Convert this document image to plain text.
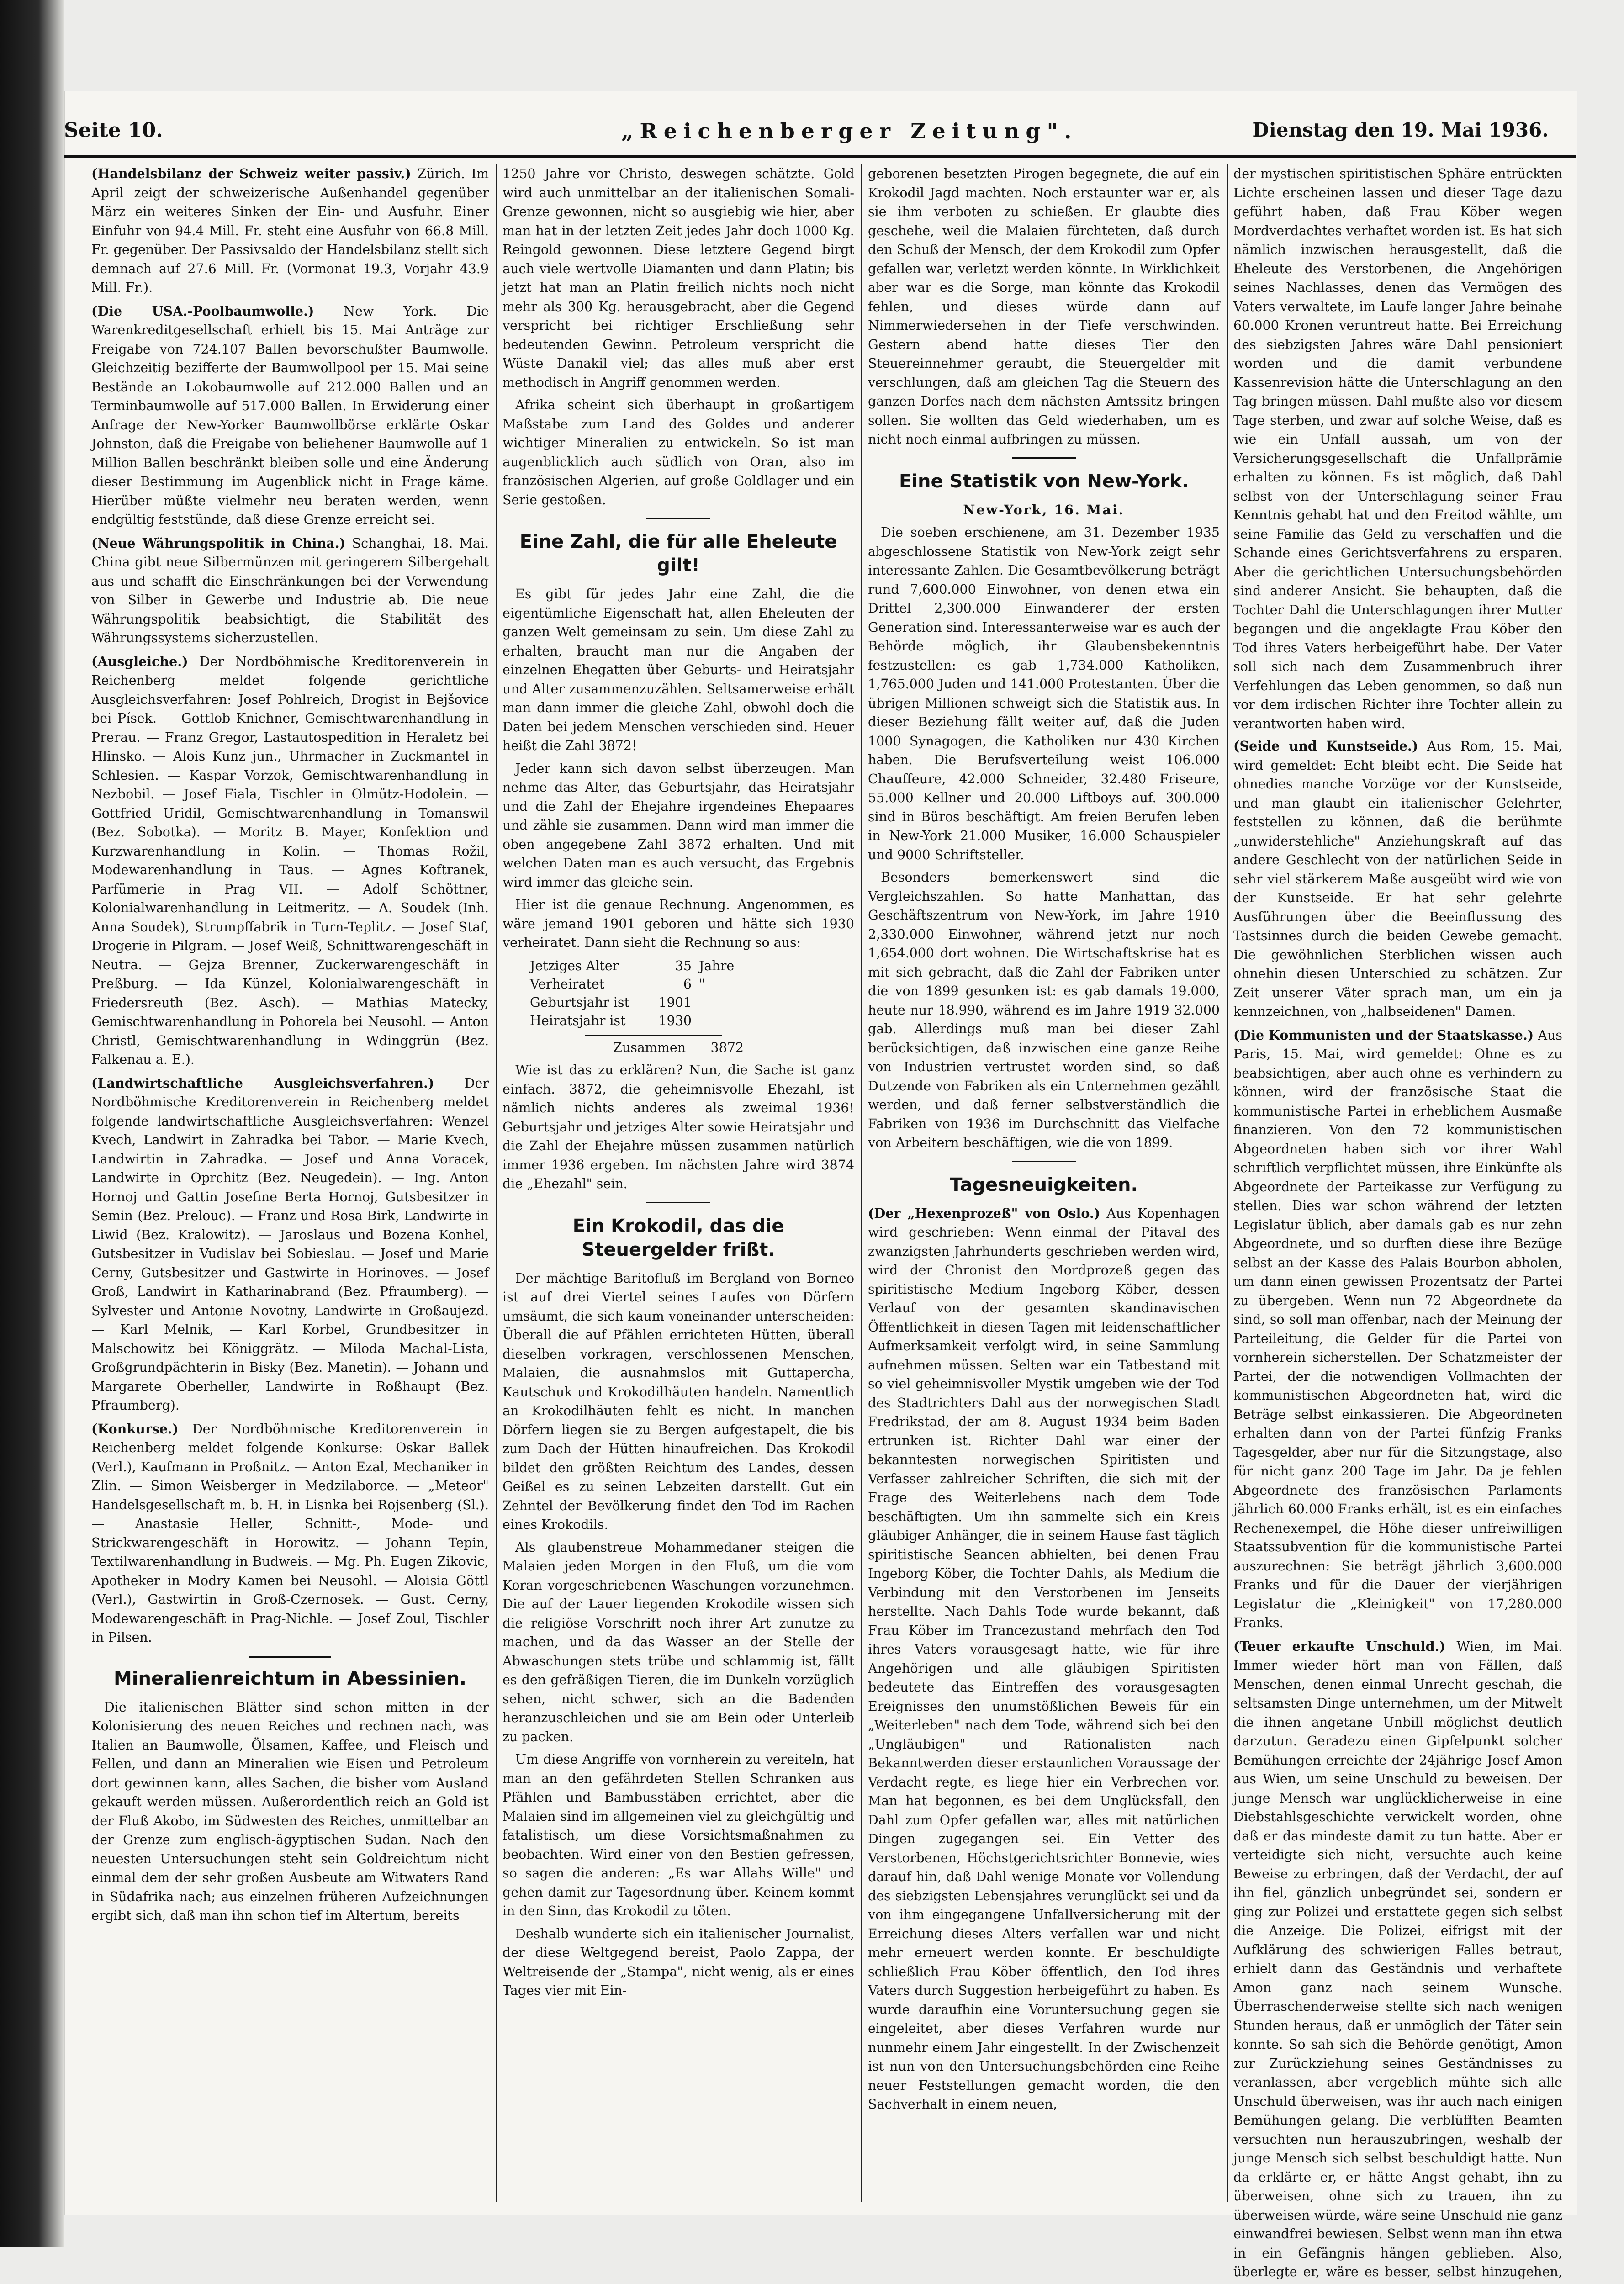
Seite 10.	„Reichenberger Zeitung".	Dienstag den 19. Mai 1936.

(Handelsbilanz der Schweiz weiter passiv.) Zürich. Im April zeigt der schweizerische Außenhandel gegenüber März ein weiteres Sinken der Ein- und Ausfuhr. Einer Einfuhr von 94.4 Mill. Fr. steht eine Ausfuhr von 66.8 Mill. Fr. gegenüber. Der Passivsaldo der Handelsbilanz stellt sich demnach auf 27.6 Mill. Fr. (Vormonat 19.3, Vorjahr 43.9 Mill. Fr.).

(Die USA.-Poolbaumwolle.) New York. Die Warenkreditgesellschaft erhielt bis 15. Mai Anträge zur Freigabe von 724.107 Ballen bevorschußter Baumwolle. Gleichzeitig bezifferte der Baumwollpool per 15. Mai seine Bestände an Lokobaumwolle auf 212.000 Ballen und an Terminbaumwolle auf 517.000 Ballen. In Erwiderung einer Anfrage der New-Yorker Baumwollbörse erklärte Oskar Johnston, daß die Freigabe von beliehener Baumwolle auf 1 Million Ballen beschränkt bleiben solle und eine Änderung dieser Bestimmung im Augenblick nicht in Frage käme. Hierüber müßte vielmehr neu beraten werden, wenn endgültig feststünde, daß diese Grenze erreicht sei.

(Neue Währungspolitik in China.) Schanghai, 18. Mai. China gibt neue Silbermünzen mit geringerem Silbergehalt aus und schafft die Einschränkungen bei der Verwendung von Silber in Gewerbe und Industrie ab. Die neue Währungspolitik beabsichtigt, die Stabilität des Währungssystems sicherzustellen.

(Ausgleiche.) Der Nordböhmische Kreditorenverein in Reichenberg meldet folgende gerichtliche Ausgleichsverfahren: Josef Pohlreich, Drogist in Bejšovice bei Písek. — Gottlob Knichner, Gemischtwarenhandlung in Prerau. — Franz Gregor, Lastautospedition in Heraletz bei Hlinsko. — Alois Kunz jun., Uhrmacher in Zuckmantel in Schlesien. — Kaspar Vorzok, Gemischtwarenhandlung in Nezbobil. — Josef Fiala, Tischler in Olmütz-Hodolein. — Gottfried Uridil, Gemischtwarenhandlung in Tomanswil (Bez. Sobotka). — Moritz B. Mayer, Konfektion und Kurzwarenhandlung in Kolin. — Thomas Rožil, Modewarenhandlung in Taus. — Agnes Koftranek, Parfümerie in Prag VII. — Adolf Schöttner, Kolonialwarenhandlung in Leitmeritz. — A. Soudek (Inh. Anna Soudek), Strumpffabrik in Turn-Teplitz. — Josef Staf, Drogerie in Pilgram. — Josef Weiß, Schnittwarengeschäft in Neutra. — Gejza Brenner, Zuckerwarengeschäft in Preßburg. — Ida Künzel, Kolonialwarengeschäft in Friedersreuth (Bez. Asch). — Mathias Matecky, Gemischtwarenhandlung in Pohorela bei Neusohl. — Anton Christl, Gemischtwarenhandlung in Wdinggrün (Bez. Falkenau a. E.).

(Landwirtschaftliche Ausgleichsverfahren.) Der Nordböhmische Kreditorenverein in Reichenberg meldet folgende landwirtschaftliche Ausgleichsverfahren: Wenzel Kvech, Landwirt in Zahradka bei Tabor. — Marie Kvech, Landwirtin in Zahradka. — Josef und Anna Voracek, Landwirte in Oprchitz (Bez. Neugedein). — Ing. Anton Hornoj und Gattin Josefine Berta Hornoj, Gutsbesitzer in Semin (Bez. Prelouc). — Franz und Rosa Birk, Landwirte in Liwid (Bez. Kralowitz). — Jaroslaus und Bozena Konhel, Gutsbesitzer in Vudislav bei Sobieslau. — Josef und Marie Cerny, Gutsbesitzer und Gastwirte in Horinoves. — Josef Groß, Landwirt in Katharinabrand (Bez. Pfraumberg). — Sylvester und Antonie Novotny, Landwirte in Großaujezd. — Karl Melnik, — Karl Korbel, Grundbesitzer in Malschowitz bei Königgrätz. — Miloda Machal-Lista, Großgrundpächterin in Bisky (Bez. Manetin). — Johann und Margarete Oberheller, Landwirte in Roßhaupt (Bez. Pfraumberg).

(Konkurse.) Der Nordböhmische Kreditorenverein in Reichenberg meldet folgende Konkurse: Oskar Ballek (Verl.), Kaufmann in Proßnitz. — Anton Ezal, Mechaniker in Zlin. — Simon Weisberger in Medzilaborce. — „Meteor" Handelsgesellschaft m. b. H. in Lisnka bei Rojsenberg (Sl.). — Anastasie Heller, Schnitt-, Mode- und Strickwarengeschäft in Horowitz. — Johann Tepin, Textilwarenhandlung in Budweis. — Mg. Ph. Eugen Zikovic, Apotheker in Modry Kamen bei Neusohl. — Aloisia Göttl (Verl.), Gastwirtin in Groß-Czernosek. — Gust. Cerny, Modewarengeschäft in Prag-Nichle. — Josef Zoul, Tischler in Pilsen.

Mineralienreichtum in Abessinien.

Die italienischen Blätter sind schon mitten in der Kolonisierung des neuen Reiches und rechnen nach, was Italien an Baumwolle, Ölsamen, Kaffee, und Fleisch und Fellen, und dann an Mineralien wie Eisen und Petroleum dort gewinnen kann, alles Sachen, die bisher vom Ausland gekauft werden müssen. Außerordentlich reich an Gold ist der Fluß Akobo, im Südwesten des Reiches, unmittelbar an der Grenze zum englisch-ägyptischen Sudan. Nach den neuesten Untersuchungen steht sein Goldreichtum nicht einmal dem der sehr großen Ausbeute am Witwaters Rand in Südafrika nach; aus einzelnen früheren Aufzeichnungen ergibt sich, daß man ihn schon tief im Altertum, bereits

1250 Jahre vor Christo, deswegen schätzte. Gold wird auch unmittelbar an der italienischen Somali-Grenze gewonnen, nicht so ausgiebig wie hier, aber man hat in der letzten Zeit jedes Jahr doch 1000 Kg. Reingold gewonnen. Diese letztere Gegend birgt auch viele wertvolle Diamanten und dann Platin; bis jetzt hat man an Platin freilich nichts noch nicht mehr als 300 Kg. herausgebracht, aber die Gegend verspricht bei richtiger Erschließung sehr bedeutenden Gewinn. Petroleum verspricht die Wüste Danakil viel; das alles muß aber erst methodisch in Angriff genommen werden.

Afrika scheint sich überhaupt in großartigem Maßstabe zum Land des Goldes und anderer wichtiger Mineralien zu entwickeln. So ist man augenblicklich auch südlich von Oran, also im französischen Algerien, auf große Goldlager und ein Serie gestoßen.

Eine Zahl, die für alle Eheleute gilt!

Es gibt für jedes Jahr eine Zahl, die die eigentümliche Eigenschaft hat, allen Eheleuten der ganzen Welt gemeinsam zu sein. Um diese Zahl zu erhalten, braucht man nur die Angaben der einzelnen Ehegatten über Geburts- und Heiratsjahr und Alter zusammenzuzählen. Seltsamerweise erhält man dann immer die gleiche Zahl, obwohl doch die Daten bei jedem Menschen verschieden sind. Heuer heißt die Zahl 3872!

Jeder kann sich davon selbst überzeugen. Man nehme das Alter, das Geburtsjahr, das Heiratsjahr und die Zahl der Ehejahre irgendeines Ehepaares und zähle sie zusammen. Dann wird man immer die oben angegebene Zahl 3872 erhalten. Und mit welchen Daten man es auch versucht, das Ergebnis wird immer das gleiche sein.

Hier ist die genaue Rechnung. Angenommen, es wäre jemand 1901 geboren und hätte sich 1930 verheiratet. Dann sieht die Rechnung so aus:

Jetziges Alter	35	Jahre
Verheiratet	6	"
Geburtsjahr ist	1901	
Heiratsjahr ist	1930	

Zusammen 3872

Wie ist das zu erklären? Nun, die Sache ist ganz einfach. 3872, die geheimnisvolle Ehezahl, ist nämlich nichts anderes als zweimal 1936! Geburtsjahr und jetziges Alter sowie Heiratsjahr und die Zahl der Ehejahre müssen zusammen natürlich immer 1936 ergeben. Im nächsten Jahre wird 3874 die „Ehezahl" sein.

Ein Krokodil, das die Steuergelder frißt.

Der mächtige Baritofluß im Bergland von Borneo ist auf drei Viertel seines Laufes von Dörfern umsäumt, die sich kaum voneinander unterscheiden: Überall die auf Pfählen errichteten Hütten, überall dieselben vorkragen, verschlossenen Menschen, Malaien, die ausnahmslos mit Guttapercha, Kautschuk und Krokodilhäuten handeln. Namentlich an Krokodilhäuten fehlt es nicht. In manchen Dörfern liegen sie zu Bergen aufgestapelt, die bis zum Dach der Hütten hinaufreichen. Das Krokodil bildet den größten Reichtum des Landes, dessen Geißel es zu seinen Lebzeiten darstellt. Gut ein Zehntel der Bevölkerung findet den Tod im Rachen eines Krokodils.

Als glaubenstreue Mohammedaner steigen die Malaien jeden Morgen in den Fluß, um die vom Koran vorgeschriebenen Waschungen vorzunehmen. Die auf der Lauer liegenden Krokodile wissen sich die religiöse Vorschrift noch ihrer Art zunutze zu machen, und da das Wasser an der Stelle der Abwaschungen stets trübe und schlammig ist, fällt es den gefräßigen Tieren, die im Dunkeln vorzüglich sehen, nicht schwer, sich an die Badenden heranzuschleichen und sie am Bein oder Unterleib zu packen.

Um diese Angriffe von vornherein zu vereiteln, hat man an den gefährdeten Stellen Schranken aus Pfählen und Bambusstäben errichtet, aber die Malaien sind im allgemeinen viel zu gleichgültig und fatalistisch, um diese Vorsichtsmaßnahmen zu beobachten. Wird einer von den Bestien gefressen, so sagen die anderen: „Es war Allahs Wille" und gehen damit zur Tagesordnung über. Keinem kommt in den Sinn, das Krokodil zu töten.

Deshalb wunderte sich ein italienischer Journalist, der diese Weltgegend bereist, Paolo Zappa, der Weltreisende der „Stampa", nicht wenig, als er eines Tages vier mit Ein-

geborenen besetzten Pirogen begegnete, die auf ein Krokodil Jagd machten. Noch erstaunter war er, als sie ihm verboten zu schießen. Er glaubte dies geschehe, weil die Malaien fürchteten, daß durch den Schuß der Mensch, der dem Krokodil zum Opfer gefallen war, verletzt werden könnte. In Wirklichkeit aber war es die Sorge, man könnte das Krokodil fehlen, und dieses würde dann auf Nimmerwiedersehen in der Tiefe verschwinden. Gestern abend hatte dieses Tier den Steuereinnehmer geraubt, die Steuergelder mit verschlungen, daß am gleichen Tag die Steuern des ganzen Dorfes nach dem nächsten Amtssitz bringen sollen. Sie wollten das Geld wiederhaben, um es nicht noch einmal aufbringen zu müssen.

Eine Statistik von New-York.

New-York, 16. Mai.

Die soeben erschienene, am 31. Dezember 1935 abgeschlossene Statistik von New-York zeigt sehr interessante Zahlen. Die Gesamtbevölkerung beträgt rund 7,600.000 Einwohner, von denen etwa ein Drittel 2,300.000 Einwanderer der ersten Generation sind. Interessanterweise war es auch der Behörde möglich, ihr Glaubensbekenntnis festzustellen: es gab 1,734.000 Katholiken, 1,765.000 Juden und 141.000 Protestanten. Über die übrigen Millionen schweigt sich die Statistik aus. In dieser Beziehung fällt weiter auf, daß die Juden 1000 Synagogen, die Katholiken nur 430 Kirchen haben. Die Berufsverteilung weist 106.000 Chauffeure, 42.000 Schneider, 32.480 Friseure, 55.000 Kellner und 20.000 Liftboys auf. 300.000 sind in Büros beschäftigt. Am freien Berufen leben in New-York 21.000 Musiker, 16.000 Schauspieler und 9000 Schriftsteller.

Besonders bemerkenswert sind die Vergleichszahlen. So hatte Manhattan, das Geschäftszentrum von New-York, im Jahre 1910 2,330.000 Einwohner, während jetzt nur noch 1,654.000 dort wohnen. Die Wirtschaftskrise hat es mit sich gebracht, daß die Zahl der Fabriken unter die von 1899 gesunken ist: es gab damals 19.000, heute nur 18.990, während es im Jahre 1919 32.000 gab. Allerdings muß man bei dieser Zahl berücksichtigen, daß inzwischen eine ganze Reihe von Industrien vertrustet worden sind, so daß Dutzende von Fabriken als ein Unternehmen gezählt werden, und daß ferner selbstverständlich die Fabriken von 1936 im Durchschnitt das Vielfache von Arbeitern beschäftigen, wie die von 1899.

Tagesneuigkeiten.

(Der „Hexenprozeß" von Oslo.) Aus Kopenhagen wird geschrieben: Wenn einmal der Pitaval des zwanzigsten Jahrhunderts geschrieben werden wird, wird der Chronist den Mordprozeß gegen das spiritistische Medium Ingeborg Köber, dessen Verlauf von der gesamten skandinavischen Öffentlichkeit in diesen Tagen mit leidenschaftlicher Aufmerksamkeit verfolgt wird, in seine Sammlung aufnehmen müssen. Selten war ein Tatbestand mit so viel geheimnisvoller Mystik umgeben wie der Tod des Stadtrichters Dahl aus der norwegischen Stadt Fredrikstad, der am 8. August 1934 beim Baden ertrunken ist. Richter Dahl war einer der bekanntesten norwegischen Spiritisten und Verfasser zahlreicher Schriften, die sich mit der Frage des Weiterlebens nach dem Tode beschäftigten. Um ihn sammelte sich ein Kreis gläubiger Anhänger, die in seinem Hause fast täglich spiritistische Seancen abhielten, bei denen Frau Ingeborg Köber, die Tochter Dahls, als Medium die Verbindung mit den Verstorbenen im Jenseits herstellte. Nach Dahls Tode wurde bekannt, daß Frau Köber im Trancezustand mehrfach den Tod ihres Vaters vorausgesagt hatte, wie für ihre Angehörigen und alle gläubigen Spiritisten bedeutete das Eintreffen des vorausgesagten Ereignisses den unumstößlichen Beweis für ein „Weiterleben" nach dem Tode, während sich bei den „Ungläubigen" und Rationalisten nach Bekanntwerden dieser erstaunlichen Voraussage der Verdacht regte, es liege hier ein Verbrechen vor. Man hat begonnen, es bei dem Unglücksfall, den Dahl zum Opfer gefallen war, alles mit natürlichen Dingen zugegangen sei. Ein Vetter des Verstorbenen, Höchstgerichtsrichter Bonnevie, wies darauf hin, daß Dahl wenige Monate vor Vollendung des siebzigsten Lebensjahres verunglückt sei und da von ihm eingegangene Unfallversicherung mit der Erreichung dieses Alters verfallen war und nicht mehr erneuert werden konnte. Er beschuldigte schließlich Frau Köber öffentlich, den Tod ihres Vaters durch Suggestion herbeigeführt zu haben. Es wurde daraufhin eine Voruntersuchung gegen sie eingeleitet, aber dieses Verfahren wurde nur nunmehr einem Jahr eingestellt. In der Zwischenzeit ist nun von den Untersuchungsbehörden eine Reihe neuer Feststellungen gemacht worden, die den Sachverhalt in einem neuen,

der mystischen spiritistischen Sphäre entrückten Lichte erscheinen lassen und dieser Tage dazu geführt haben, daß Frau Köber wegen Mordverdachtes verhaftet worden ist. Es hat sich nämlich inzwischen herausgestellt, daß die Eheleute des Verstorbenen, die Angehörigen seines Nachlasses, denen das Vermögen des Vaters verwaltete, im Laufe langer Jahre beinahe 60.000 Kronen veruntreut hatte. Bei Erreichung des siebzigsten Jahres wäre Dahl pensioniert worden und die damit verbundene Kassenrevision hätte die Unterschlagung an den Tag bringen müssen. Dahl mußte also vor diesem Tage sterben, und zwar auf solche Weise, daß es wie ein Unfall aussah, um von der Versicherungsgesellschaft die Unfallprämie erhalten zu können. Es ist möglich, daß Dahl selbst von der Unterschlagung seiner Frau Kenntnis gehabt hat und den Freitod wählte, um seine Familie das Geld zu verschaffen und die Schande eines Gerichtsverfahrens zu ersparen. Aber die gerichtlichen Untersuchungsbehörden sind anderer Ansicht. Sie behaupten, daß die Tochter Dahl die Unterschlagungen ihrer Mutter begangen und die angeklagte Frau Köber den Tod ihres Vaters herbeigeführt habe. Der Vater soll sich nach dem Zusammenbruch ihrer Verfehlungen das Leben genommen, so daß nun vor dem irdischen Richter ihre Tochter allein zu verantworten haben wird.

(Seide und Kunstseide.) Aus Rom, 15. Mai, wird gemeldet: Echt bleibt echt. Die Seide hat ohnedies manche Vorzüge vor der Kunstseide, und man glaubt ein italienischer Gelehrter, feststellen zu können, daß die berühmte „unwiderstehliche" Anziehungskraft auf das andere Geschlecht von der natürlichen Seide in sehr viel stärkerem Maße ausgeübt wird wie von der Kunstseide. Er hat sehr gelehrte Ausführungen über die Beeinflussung des Tastsinnes durch die beiden Gewebe gemacht. Die gewöhnlichen Sterblichen wissen auch ohnehin diesen Unterschied zu schätzen. Zur Zeit unserer Väter sprach man, um ein ja kennzeichnen, von „halbseidenen" Damen.

(Die Kommunisten und der Staatskasse.) Aus Paris, 15. Mai, wird gemeldet: Ohne es zu beabsichtigen, aber auch ohne es verhindern zu können, wird der französische Staat die kommunistische Partei in erheblichem Ausmaße finanzieren. Von den 72 kommunistischen Abgeordneten haben sich vor ihrer Wahl schriftlich verpflichtet müssen, ihre Einkünfte als Abgeordnete der Parteikasse zur Verfügung zu stellen. Dies war schon während der letzten Legislatur üblich, aber damals gab es nur zehn Abgeordnete, und so durften diese ihre Bezüge selbst an der Kasse des Palais Bourbon abholen, um dann einen gewissen Prozentsatz der Partei zu übergeben. Wenn nun 72 Abgeordnete da sind, so soll man offenbar, nach der Meinung der Parteileitung, die Gelder für die Partei von vornherein sicherstellen. Der Schatzmeister der Partei, der die notwendigen Vollmachten der kommunistischen Abgeordneten hat, wird die Beträge selbst einkassieren. Die Abgeordneten erhalten dann von der Partei fünfzig Franks Tagesgelder, aber nur für die Sitzungstage, also für nicht ganz 200 Tage im Jahr. Da je fehlen Abgeordnete des französischen Parlaments jährlich 60.000 Franks erhält, ist es ein einfaches Rechenexempel, die Höhe dieser unfreiwilligen Staatssubvention für die kommunistische Partei auszurechnen: Sie beträgt jährlich 3,600.000 Franks und für die Dauer der vierjährigen Legislatur die „Kleinigkeit" von 17,280.000 Franks.

(Teuer erkaufte Unschuld.) Wien, im Mai. Immer wieder hört man von Fällen, daß Menschen, denen einmal Unrecht geschah, die seltsamsten Dinge unternehmen, um der Mitwelt die ihnen angetane Unbill möglichst deutlich darzutun. Geradezu einen Gipfelpunkt solcher Bemühungen erreichte der 24jährige Josef Amon aus Wien, um seine Unschuld zu beweisen. Der junge Mensch war unglücklicherweise in eine Diebstahlsgeschichte verwickelt worden, ohne daß er das mindeste damit zu tun hatte. Aber er verteidigte sich nicht, versuchte auch keine Beweise zu erbringen, daß der Verdacht, der auf ihn fiel, gänzlich unbegründet sei, sondern er ging zur Polizei und erstattete gegen sich selbst die Anzeige. Die Polizei, eifrigst mit der Aufklärung des schwierigen Falles betraut, erhielt dann das Geständnis und verhaftete Amon ganz nach seinem Wunsche. Überraschenderweise stellte sich nach wenigen Stunden heraus, daß er unmöglich der Täter sein konnte. So sah sich die Behörde genötigt, Amon zur Zurückziehung seines Geständnisses zu veranlassen, aber vergeblich mühte sich alle Unschuld überweisen, was ihr auch nach einigen Bemühungen gelang. Die verblüfften Beamten versuchten nun herauszubringen, weshalb der junge Mensch sich selbst beschuldigt hatte. Nun da erklärte er, er hätte Angst gehabt, ihn zu überweisen, ohne sich zu trauen, ihn zu überweisen würde, wäre seine Unschuld nie ganz einwandfrei bewiesen. Selbst wenn man ihn etwa in ein Gefängnis hängen geblieben. Also, überlegte er, wäre es besser, selbst hinzugehen,
